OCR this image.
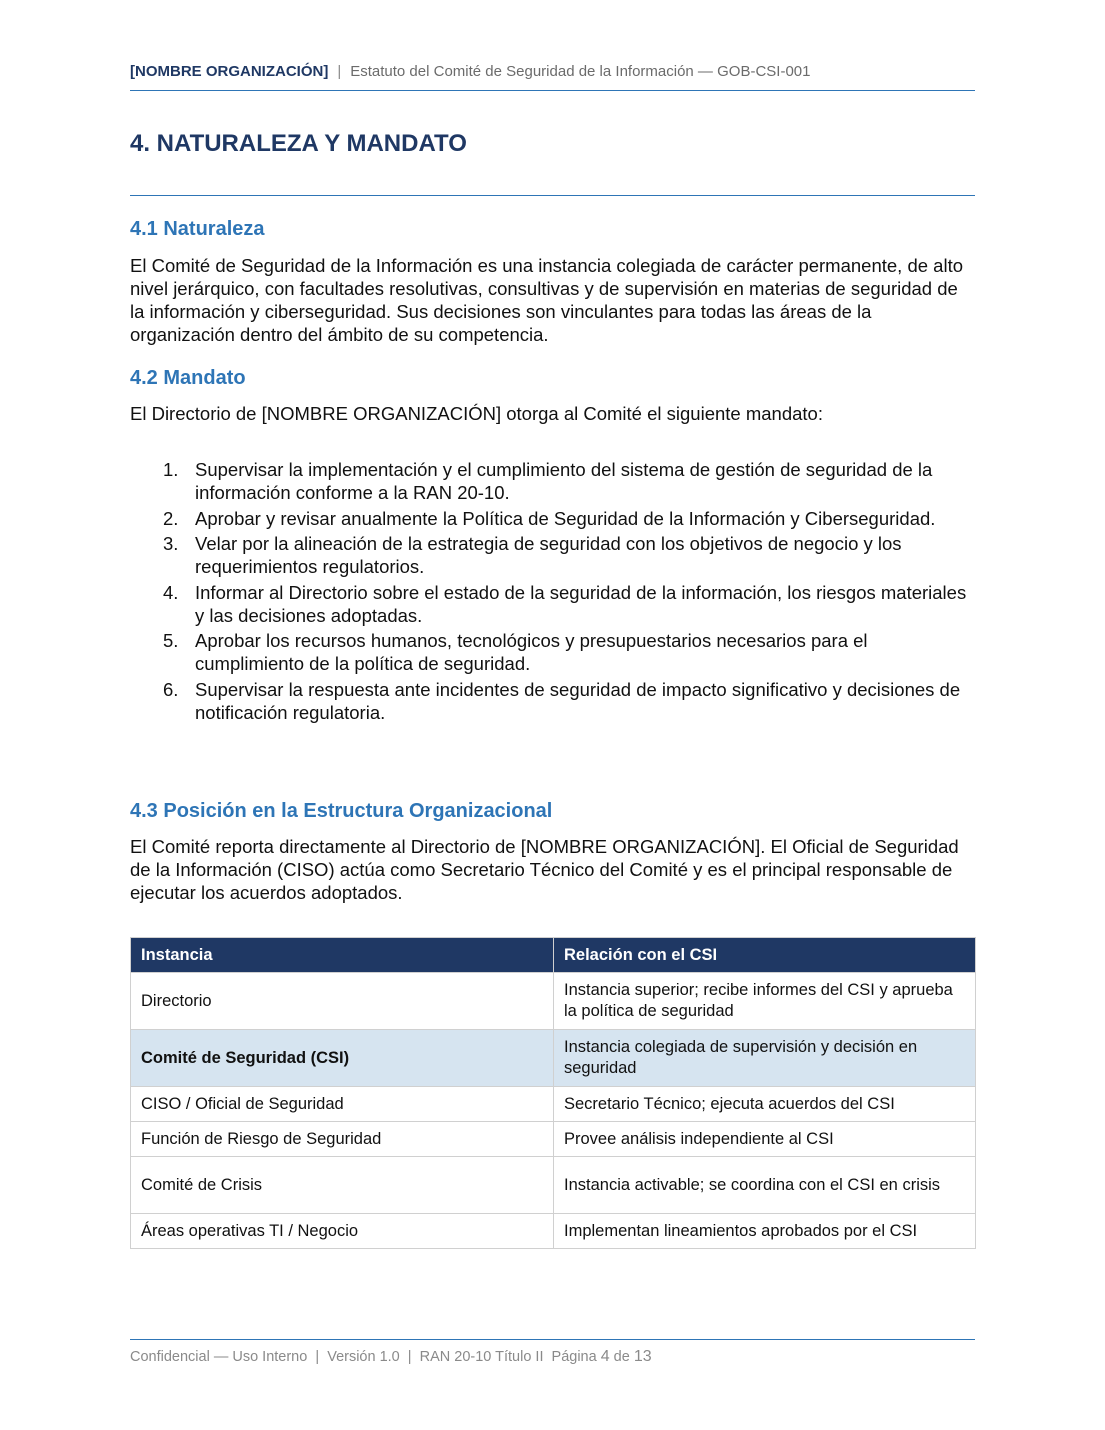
[NOMBRE ORGANIZACIÓN] | Estatuto del Comité de Seguridad de la Información — GOB-CSI-001
4. NATURALEZA Y MANDATO
4.1 Naturaleza

El Comité de Seguridad de la Información es una instancia colegiada de carácter permanente, de alto nivel jerárquico, con facultades resolutivas, consultivas y de supervisión en materias de seguridad de la información y ciberseguridad. Sus decisiones son vinculantes para todas las áreas de la organización dentro del ámbito de su competencia.

4.2 Mandato

El Directorio de [NOMBRE ORGANIZACIÓN] otorga al Comité el siguiente mandato:

1. Supervisar la implementación y el cumplimiento del sistema de gestión de seguridad de la información conforme a la RAN 20-10.
2. Aprobar y revisar anualmente la Política de Seguridad de la Información y Ciberseguridad.
3. Velar por la alineación de la estrategia de seguridad con los objetivos de negocio y los requerimientos regulatorios.
4. Informar al Directorio sobre el estado de la seguridad de la información, los riesgos materiales y las decisiones adoptadas.
5. Aprobar los recursos humanos, tecnológicos y presupuestarios necesarios para el cumplimiento de la política de seguridad.
6. Supervisar la respuesta ante incidentes de seguridad de impacto significativo y decisiones de notificación regulatoria.
4.3 Posición en la Estructura Organizacional

El Comité reporta directamente al Directorio de [NOMBRE ORGANIZACIÓN]. El Oficial de Seguridad de la Información (CISO) actúa como Secretario Técnico del Comité y es el principal responsable de ejecutar los acuerdos adoptados.

Instancia	Relación con el CSI
Directorio	Instancia superior; recibe informes del CSI y aprueba la política de seguridad
Comité de Seguridad (CSI)	Instancia colegiada de supervisión y decisión en seguridad
CISO / Oficial de Seguridad	Secretario Técnico; ejecuta acuerdos del CSI
Función de Riesgo de Seguridad	Provee análisis independiente al CSI
Comité de Crisis	Instancia activable; se coordina con el CSI en crisis
Áreas operativas TI / Negocio	Implementan lineamientos aprobados por el CSI
Confidencial — Uso Interno  |  Versión 1.0  |  RAN 20-10 Título II  Página 4 de 13
